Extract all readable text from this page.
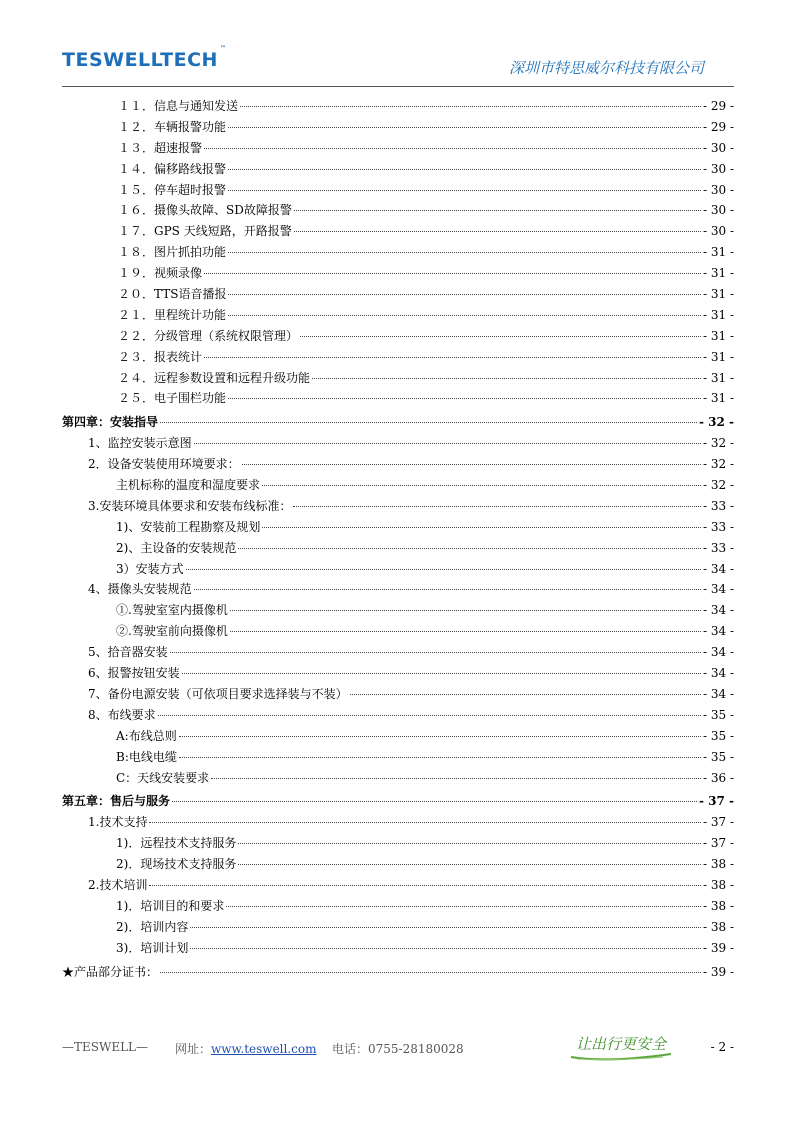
TESWELLTECH™
深圳市特思威尔科技有限公司
１１．信息与通知发送	- 29 -
１２．车辆报警功能	- 29 -
１３．超速报警	- 30 -
１４．偏移路线报警	- 30 -
１５．停车超时报警	- 30 -
１６．摄像头故障、SD故障报警	- 30 -
１７．GPS 天线短路，开路报警	- 30 -
１８．图片抓拍功能	- 31 -
１９．视频录像	- 31 -
２０．TTS语音播报	- 31 -
２１．里程统计功能	- 31 -
２２．分级管理（系统权限管理）	- 31 -
２３．报表统计	- 31 -
２４．远程参数设置和远程升级功能	- 31 -
２５．电子围栏功能	- 31 -
第四章：安装指导	- 32 -
1、监控安装示意图	- 32 -
2．设备安装使用环境要求：	- 32 -
主机标称的温度和湿度要求	- 32 -
3.安装环境具体要求和安装布线标准：	- 33 -
1)、安装前工程勘察及规划	- 33 -
2)、主设备的安装规范	- 33 -
3）安装方式	- 34 -
4、摄像头安装规范	- 34 -
①.驾驶室室内摄像机	- 34 -
②.驾驶室前向摄像机	- 34 -
5、拾音器安装	- 34 -
6、报警按钮安装	- 34 -
7、备份电源安装（可依项目要求选择装与不装）	- 34 -
8、布线要求	- 35 -
A:布线总则	- 35 -
B:电线电缆	- 35 -
C：天线安装要求	- 36 -
第五章：售后与服务	- 37 -
1.技术支持	- 37 -
1)．远程技术支持服务	- 37 -
2)．现场技术支持服务	- 38 -
2.技术培训	- 38 -
1)．培训目的和要求	- 38 -
2)．培训内容	- 38 -
3)．培训计划	- 39 -
★产品部分证书：	- 39 -
—TESWELL— 网址：www.teswell.com 电话：0755-28180028	让出行更安全	- 2 -
